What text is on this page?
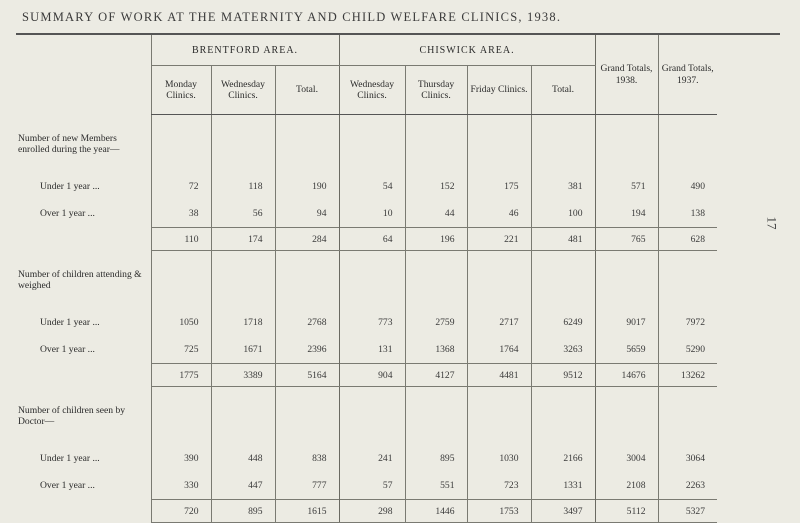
SUMMARY OF WORK AT THE MATERNITY AND CHILD WELFARE CLINICS, 1938.
17
	BRENTFORD AREA.			CHISWICK AREA.				Grand Totals, 1938.	Grand Totals, 1937.	
	Monday Clinics.	Wednesday Clinics.	Total.	Wednesday Clinics.	Thursday Clinics.	Friday Clinics.	Total.			
Number of new Members enrolled during the year—										
Under 1 year ...	72	118	190	54	152	175	381	571	490	
Over 1 year ...	38	56	94	10	44	46	100	194	138	
	110	174	284	64	196	221	481	765	628	
Number of children attending & weighed										
Under 1 year ...	1050	1718	2768	773	2759	2717	6249	9017	7972	
Over 1 year ...	725	1671	2396	131	1368	1764	3263	5659	5290	
	1775	3389	5164	904	4127	4481	9512	14676	13262	
Number of children seen by Doctor—										
Under 1 year ...	390	448	838	241	895	1030	2166	3004	3064	
Over 1 year ...	330	447	777	57	551	723	1331	2108	2263	
	720	895	1615	298	1446	1753	3497	5112	5327	
